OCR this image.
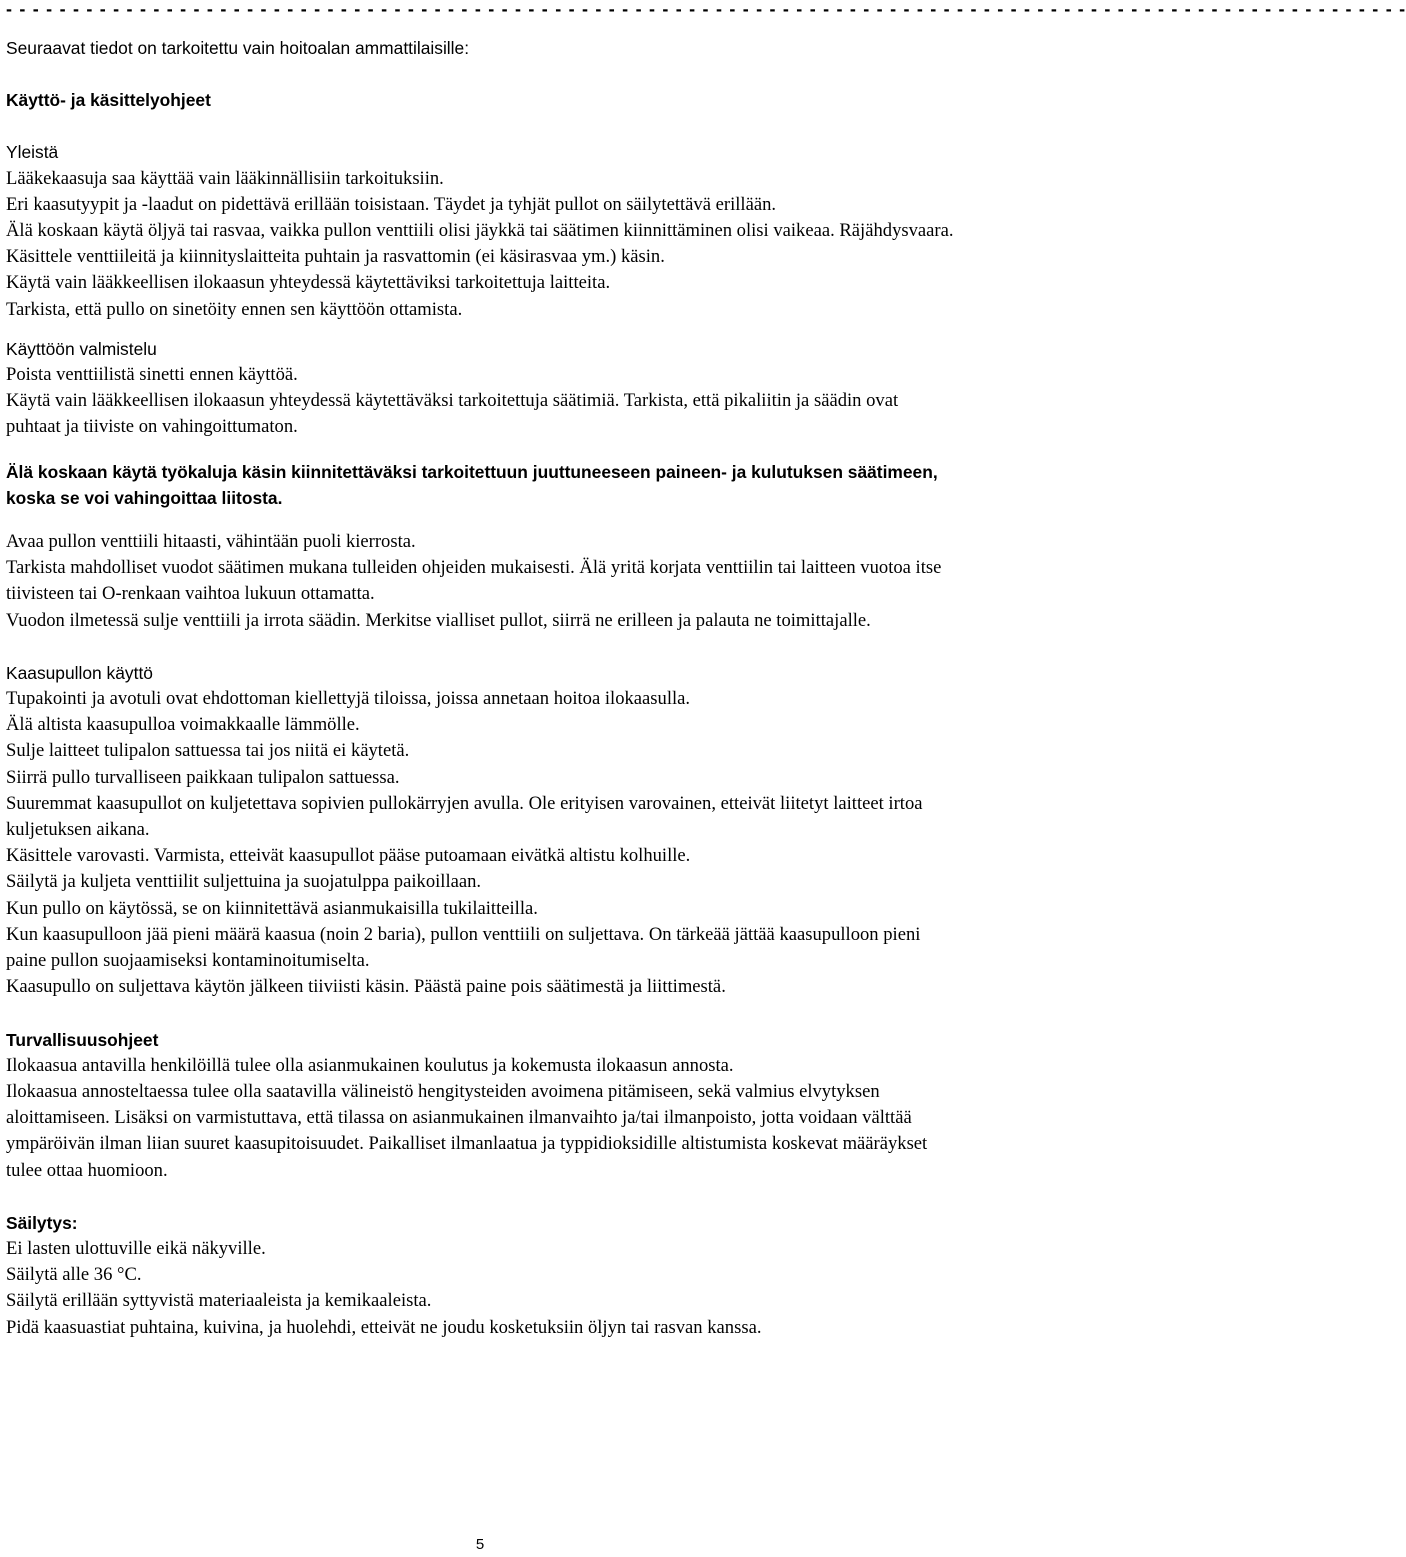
- - - - - - - - - - - - - - - - - - - - - - - - - - - - - - - - - - - - - - - - - - - - - - - - - - - - - - - - - - - - - - - - - - - - - - - - - - - - - - - - - - - - - - - - - - - - - - - - - - - - - - - - -

Seuraavat tiedot on tarkoitettu vain hoitoalan ammattilaisille:

Käyttö- ja käsittelyohjeet

Yleistä

Lääkekaasuja saa käyttää vain lääkinnällisiin tarkoituksiin.

Eri kaasutyypit ja -laadut on pidettävä erillään toisistaan. Täydet ja tyhjät pullot on säilytettävä erillään.

Älä koskaan käytä öljyä tai rasvaa, vaikka pullon venttiili olisi jäykkä tai säätimen kiinnittäminen olisi vaikeaa. Räjähdysvaara. Käsittele venttiileitä ja kiinnityslaitteita puhtain ja rasvattomin (ei käsirasvaa ym.) käsin.

Käytä vain lääkkeellisen ilokaasun yhteydessä käytettäviksi tarkoitettuja laitteita.

Tarkista, että pullo on sinetöity ennen sen käyttöön ottamista.

Käyttöön valmistelu

Poista venttiilistä sinetti ennen käyttöä.

Käytä vain lääkkeellisen ilokaasun yhteydessä käytettäväksi tarkoitettuja säätimiä. Tarkista, että pikaliitin ja säädin ovat puhtaat ja tiiviste on vahingoittumaton.

Älä koskaan käytä työkaluja käsin kiinnitettäväksi tarkoitettuun juuttuneeseen paineen- ja kulutuksen säätimeen, koska se voi vahingoittaa liitosta.

Avaa pullon venttiili hitaasti, vähintään puoli kierrosta.

Tarkista mahdolliset vuodot säätimen mukana tulleiden ohjeiden mukaisesti. Älä yritä korjata venttiilin tai laitteen vuotoa itse tiivisteen tai O-renkaan vaihtoa lukuun ottamatta.

Vuodon ilmetessä sulje venttiili ja irrota säädin. Merkitse vialliset pullot, siirrä ne erilleen ja palauta ne toimittajalle.

Kaasupullon käyttö

Tupakointi ja avotuli ovat ehdottoman kiellettyjä tiloissa, joissa annetaan hoitoa ilokaasulla.

Älä altista kaasupulloa voimakkaalle lämmölle.

Sulje laitteet tulipalon sattuessa tai jos niitä ei käytetä.

Siirrä pullo turvalliseen paikkaan tulipalon sattuessa.

Suuremmat kaasupullot on kuljetettava sopivien pullokärryjen avulla. Ole erityisen varovainen, etteivät liitetyt laitteet irtoa kuljetuksen aikana.

Käsittele varovasti. Varmista, etteivät kaasupullot pääse putoamaan eivätkä altistu kolhuille.

Säilytä ja kuljeta venttiilit suljettuina ja suojatulppa paikoillaan.

Kun pullo on käytössä, se on kiinnitettävä asianmukaisilla tukilaitteilla.

Kun kaasupulloon jää pieni määrä kaasua (noin 2 baria), pullon venttiili on suljettava. On tärkeää jättää kaasupulloon pieni paine pullon suojaamiseksi kontaminoitumiselta.

Kaasupullo on suljettava käytön jälkeen tiiviisti käsin. Päästä paine pois säätimestä ja liittimestä.

Turvallisuusohjeet

Ilokaasua antavilla henkilöillä tulee olla asianmukainen koulutus ja kokemusta ilokaasun annosta.

Ilokaasua annosteltaessa tulee olla saatavilla välineistö hengitysteiden avoimena pitämiseen, sekä valmius elvytyksen aloittamiseen. Lisäksi on varmistuttava, että tilassa on asianmukainen ilmanvaihto ja/tai ilmanpoisto, jotta voidaan välttää ympäröivän ilman liian suuret kaasupitoisuudet. Paikalliset ilmanlaatua ja typpidioksidille altistumista koskevat määräykset tulee ottaa huomioon.

Säilytys:

Ei lasten ulottuville eikä näkyville.

Säilytä alle 36 °C.

Säilytä erillään syttyvistä materiaaleista ja kemikaaleista.

Pidä kaasuastiat puhtaina, kuivina, ja huolehdi, etteivät ne joudu kosketuksiin öljyn tai rasvan kanssa.

5
